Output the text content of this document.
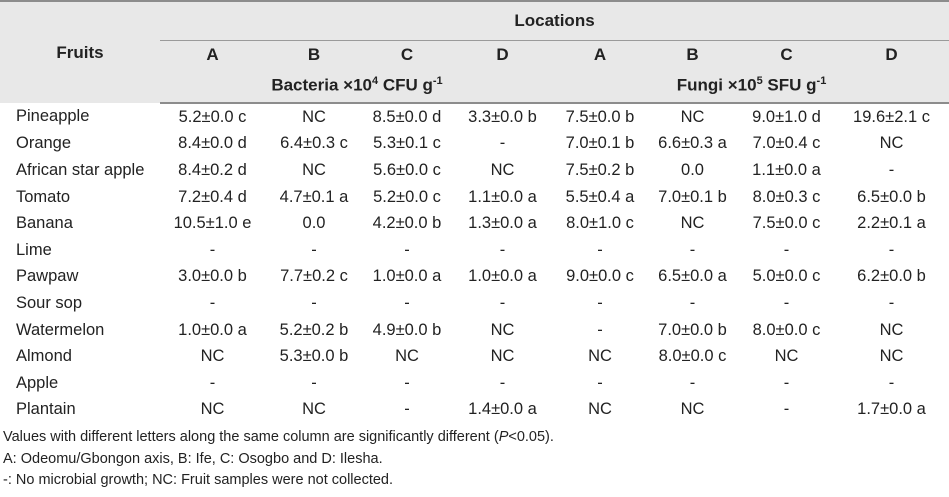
Fruits	Locations							
	A	B	C	D	A	B	C	D
	Bacteria $\times 10^4$ CFU $g^{-1}$				Fungi $\times 10^5$ SFU $g^{-1}$
Pineapple	5.2±0.0 c	NC	8.5±0.0 d	3.3±0.0 b	7.5±0.0 b	NC	9.0±1.0 d	19.6±2.1 c
Orange	8.4±0.0 d	6.4±0.3 c	5.3±0.1 c	-	7.0±0.1 b	6.6±0.3 a	7.0±0.4 c	NC
African star apple	8.4±0.2 d	NC	5.6±0.0 c	NC	7.5±0.2 b	0.0	1.1±0.0 a	-
Tomato	7.2±0.4 d	4.7±0.1 a	5.2±0.0 c	1.1±0.0 a	5.5±0.4 a	7.0±0.1 b	8.0±0.3 c	6.5±0.0 b
Banana	10.5±1.0 e	0.0	4.2±0.0 b	1.3±0.0 a	8.0±1.0 c	NC	7.5±0.0 c	2.2±0.1 a
Lime	-	-	-	-	-	-	-	-
Pawpaw	3.0±0.0 b	7.7±0.2 c	1.0±0.0 a	1.0±0.0 a	9.0±0.0 c	6.5±0.0 a	5.0±0.0 c	6.2±0.0 b
Sour sop	-	-	-	-	-	-	-	-
Watermelon	1.0±0.0 a	5.2±0.2 b	4.9±0.0 b	NC	-	7.0±0.0 b	8.0±0.0 c	NC
Almond	NC	5.3±0.0 b	NC	NC	NC	8.0±0.0 c	NC	NC
Apple	-	-	-	-	-	-	-	-
Plantain	NC	NC	-	1.4±0.0 a	NC	NC	-	1.7±0.0 a
Values with different letters along the same column are significantly different (P<0.05).
A: Odeomu/Gbongon axis, B: Ife, C: Osogbo and D: Ilesha.
-: No microbial growth; NC: Fruit samples were not collected.
